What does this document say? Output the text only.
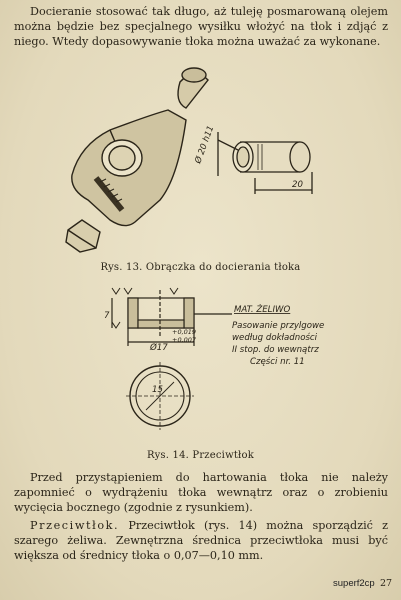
Docieranie stosować tak długo, aż tuleję posmarowaną olejem można będzie bez specjalnego wysiłku włożyć na tłok i zdjąć z niego. Wtedy dopasowywanie tłoka można uważać za wykonane.

20
Ø 20 h11
Rys. 13. Obrączka do docierania tłoka
7
Ø17
+0,019
+0,007
MAT. ŻELIWO
Pasowanie przylgowe
według dokładności
II stop. do wewnątrz
Części nr. 11
15
Rys. 14. Przeciwtłok

Przed przystąpieniem do hartowania tłoka nie należy zapomnieć o wydrążeniu tłoka wewnątrz oraz o zrobieniu wycięcia bocznego (zgodnie z rysunkiem).

Przeciwtłok. Przeciwtłok (rys. 14) można sporządzić z szarego żeliwa. Zewnętrzna średnica przeciwtłoka musi być większa od średnicy tłoka o 0,07—0,10 mm.

superf2cp 27
